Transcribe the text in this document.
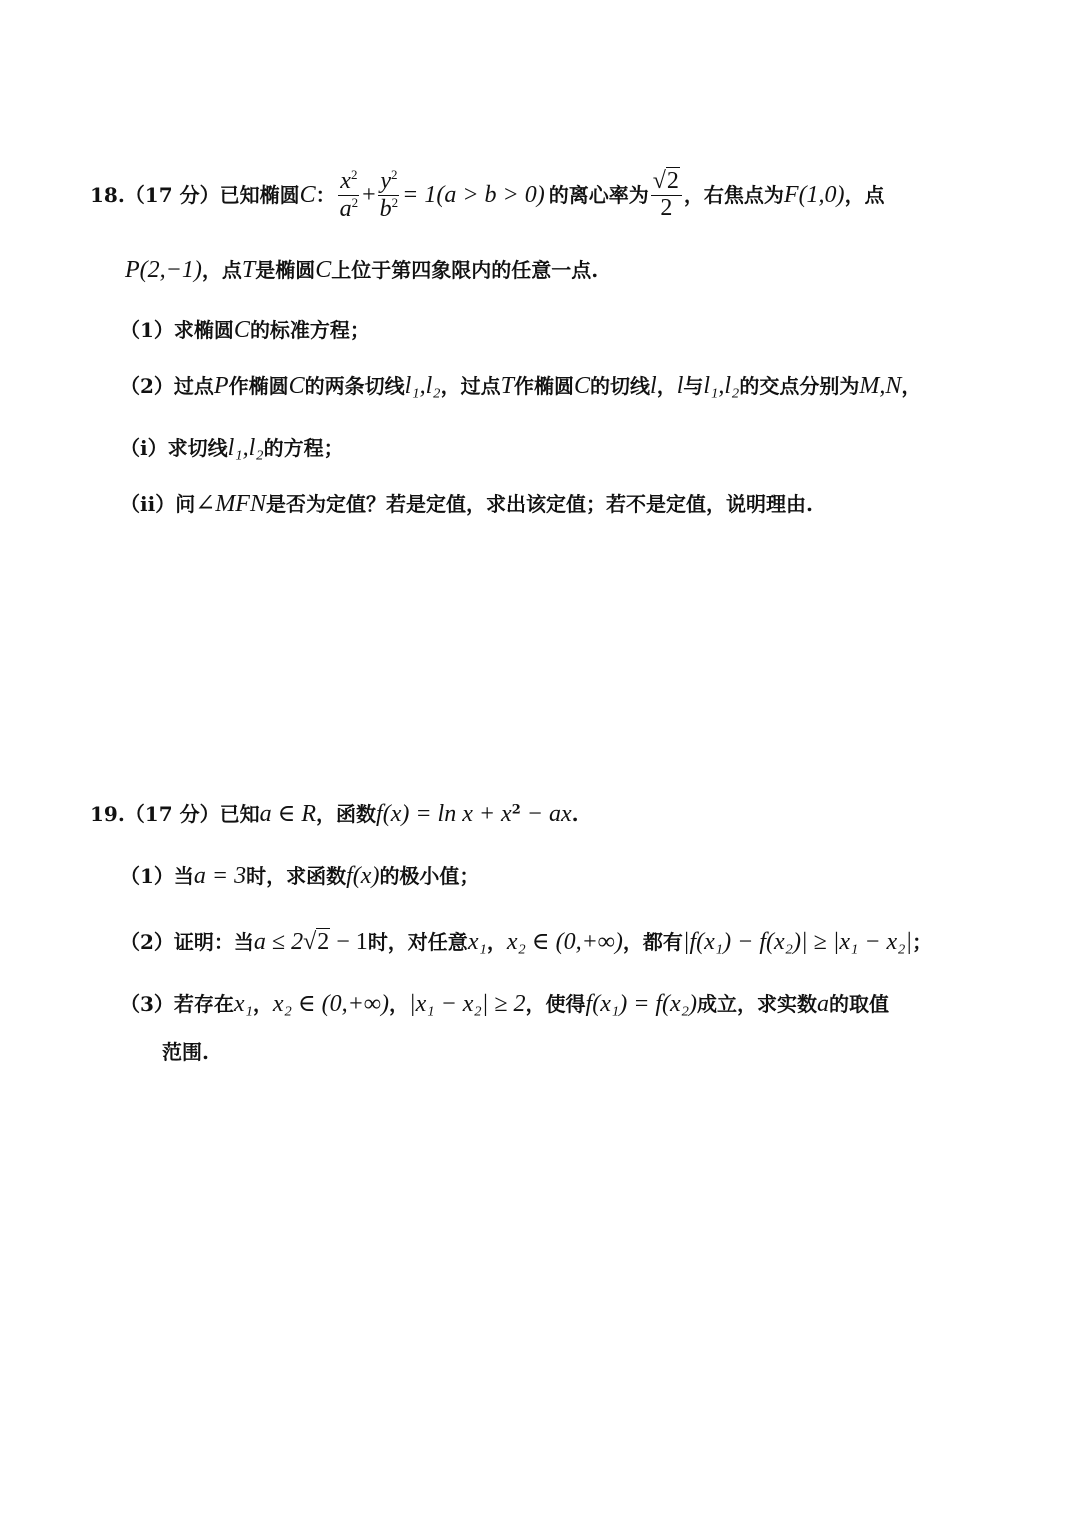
18. （17 分） 已知椭圆 C ： $\frac{x^2}{a^2} + \frac{y^2}{b^2} = 1(a > b > 0)$ 的离心率为 $\frac{√2}{2}$ ，右焦点为 F(1,0) ，点
P(2,−1)，点T是椭圆C上位于第四象限内的任意一点.
（1）求椭圆C的标准方程；
（2）过点P作椭圆C的两条切线l₁,l₂，过点T作椭圆C的切线l，l与l₁,l₂的交点分别为M,N，
（i）求切线l₁,l₂的方程；
（ii）问∠MFN是否为定值？若是定值，求出该定值；若不是定值，说明理由.
19.（17 分）已知a ∈ R，函数$f(x) = \ln x + x^2$ − ax.
（1）当a = 3时，求函数f(x)的极小值；
（2）证明：当a ≤ 2√2 − 1时，对任意x₁，x₂ ∈ (0,+∞)，都有|f(x₁) − f(x₂)| ≥ |x₁ − x₂|；
（3）若存在x₁，x₂ ∈ (0,+∞)，|x₁ − x₂| ≥ 2，使得f(x₁) = f(x₂)成立，求实数a的取值
范围.
